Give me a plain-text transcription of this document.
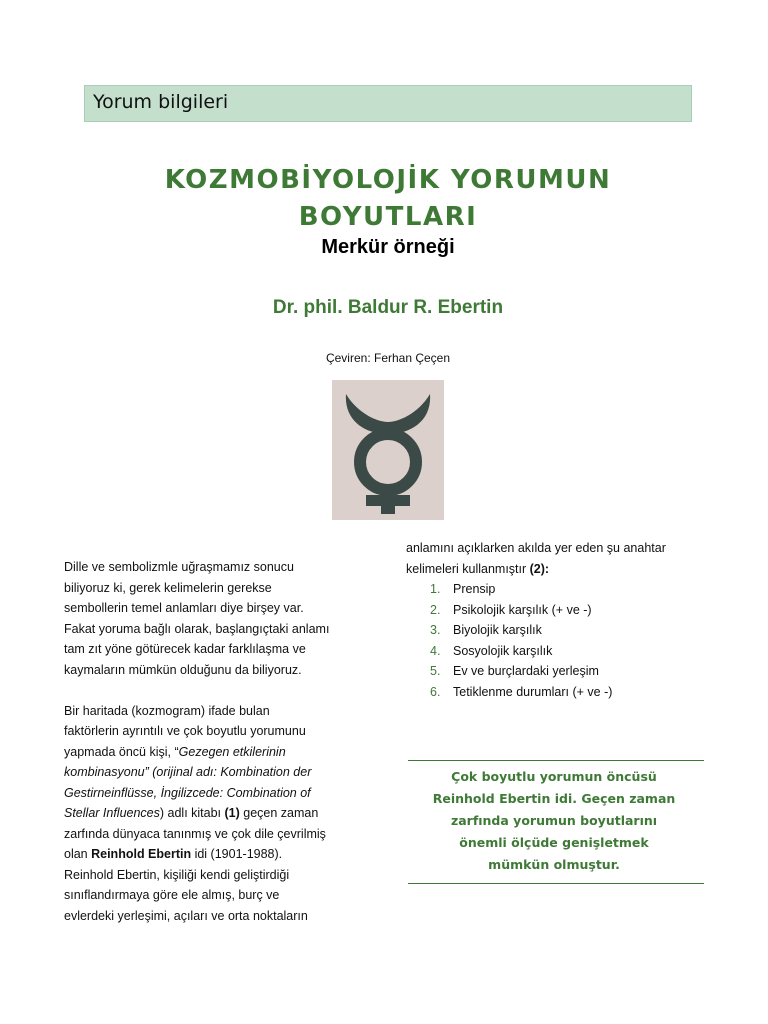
Yorum bilgileri
KOZMOBİYOLOJİK YORUMUN
BOYUTLARI
Merkür örneği
Dr. phil. Baldur R. Ebertin
Çeviren: Ferhan Çeçen

Dille ve sembolizmle uğraşmamız sonucu
biliyoruz ki, gerek kelimelerin gerekse
sembollerin temel anlamları diye birşey var.
Fakat yoruma bağlı olarak, başlangıçtaki anlamı
tam zıt yöne götürecek kadar farklılaşma ve
kaymaların mümkün olduğunu da biliyoruz.

Bir haritada (kozmogram) ifade bulan
faktörlerin ayrıntılı ve çok boyutlu yorumunu
yapmada öncü kişi, “Gezegen etkilerinin
kombinasyonu” (orijinal adı: Kombination der
Gestirneinflüsse, İngilizcede: Combination of
Stellar Influences) adlı kitabı (1) geçen zaman
zarfında dünyaca tanınmış ve çok dile çevrilmiş
olan Reinhold Ebertin idi (1901-1988).
Reinhold Ebertin, kişiliği kendi geliştirdiği
sınıflandırmaya göre ele almış, burç ve
evlerdeki yerleşimi, açıları ve orta noktaların

anlamını açıklarken akılda yer eden şu anahtar
kelimeleri kullanmıştır (2):

1.	Prensip
2.	Psikolojik karşılık (+ ve -)
3.	Biyolojik karşılık
4.	Sosyolojik karşılık
5.	Ev ve burçlardaki yerleşim
6.	Tetiklenme durumları (+ ve -)
Çok boyutlu yorumun öncüsü
Reinhold Ebertin idi. Geçen zaman
zarfında yorumun boyutlarını
önemli ölçüde genişletmek
mümkün olmuştur.
